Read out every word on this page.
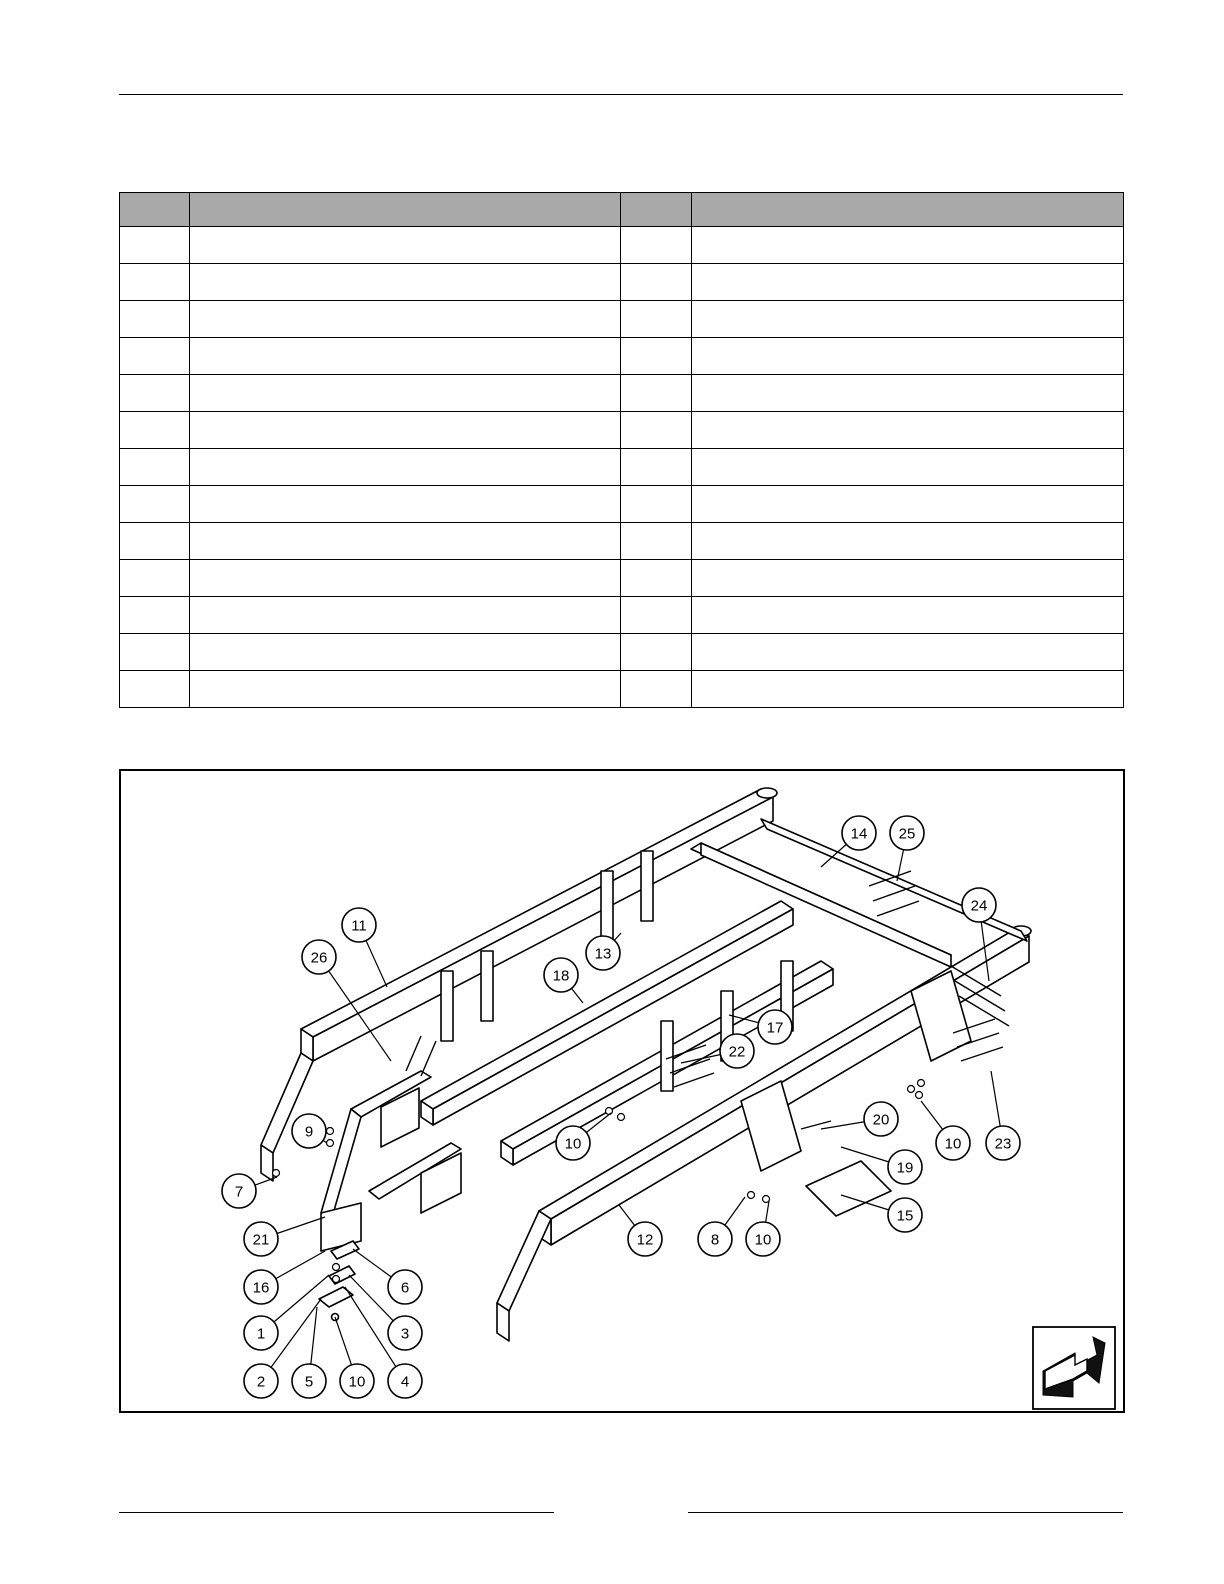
14 25
24
11
26	13
18
17
22
9
10
20
10 23
19
7
15
21	12	8 10
16	6
1	3
2	5 10 4
